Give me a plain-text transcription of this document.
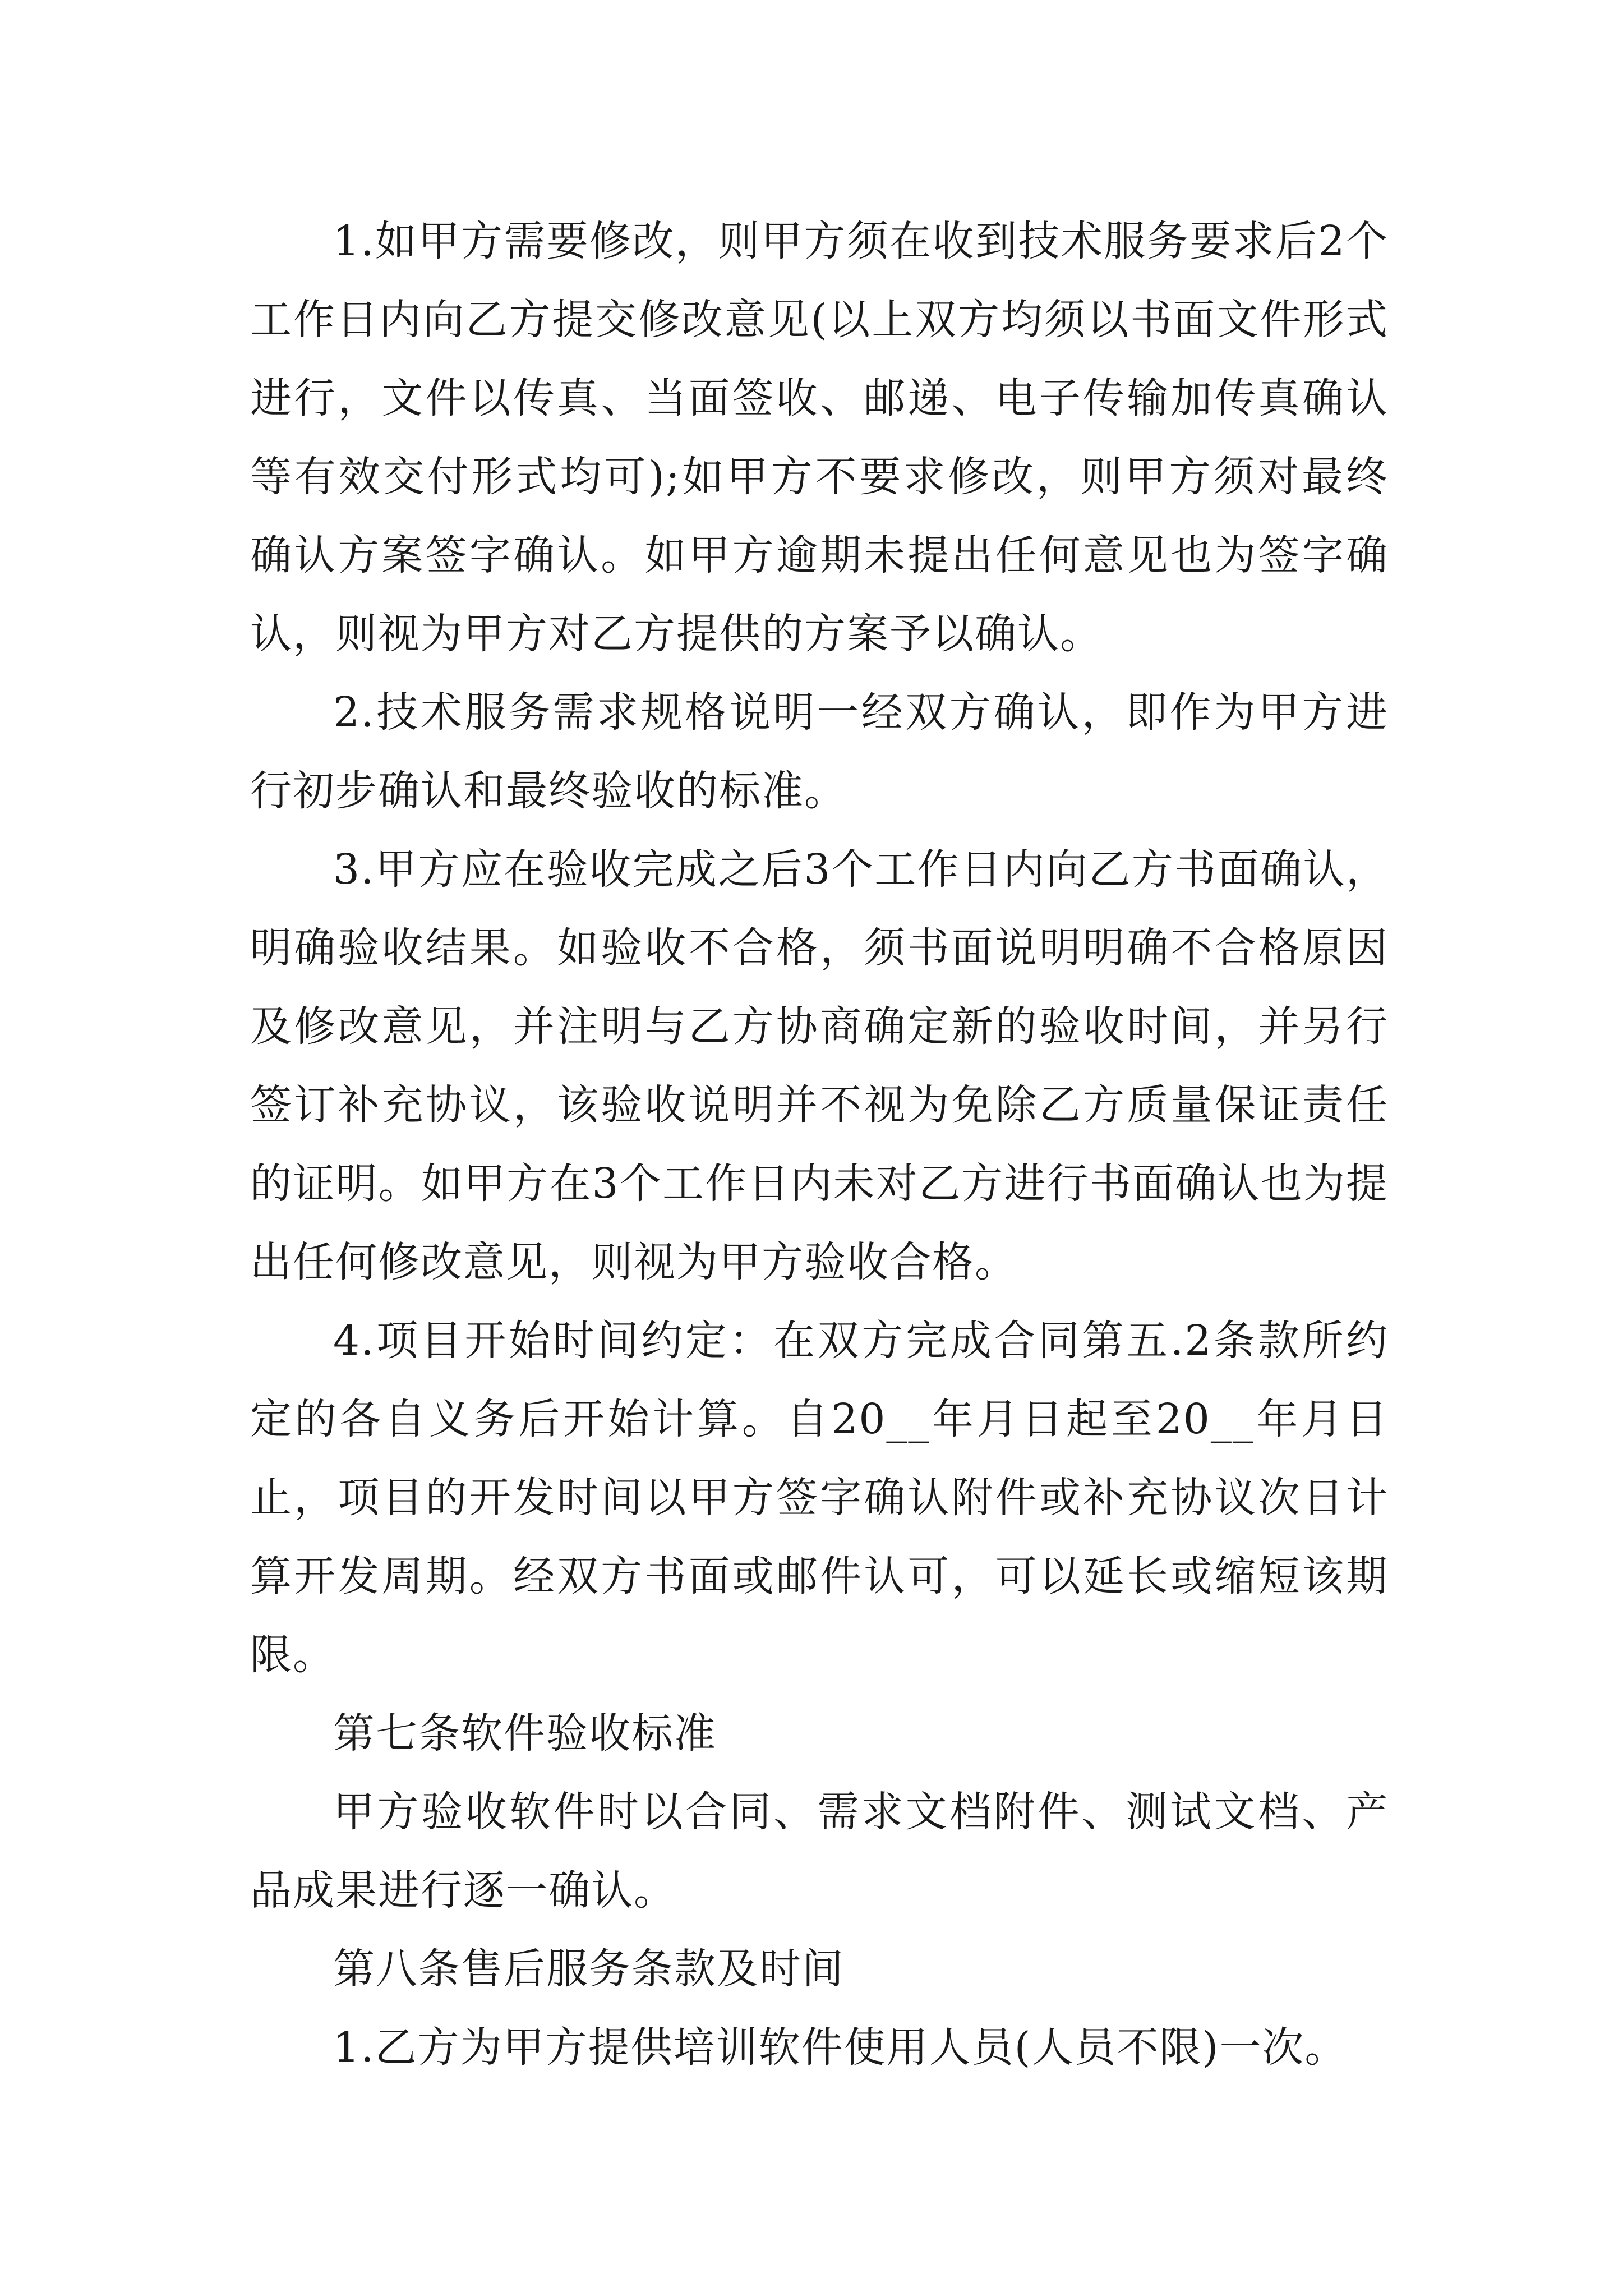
1.如甲方需要修改，则甲方须在收到技术服务要求后2个工作日内向乙方提交修改意见(以上双方均须以书面文件形式进行，文件以传真、当面签收、邮递、电子传输加传真确认等有效交付形式均可);如甲方不要求修改，则甲方须对最终确认方案签字确认。如甲方逾期未提出任何意见也为签字确认，则视为甲方对乙方提供的方案予以确认。

2.技术服务需求规格说明一经双方确认，即作为甲方进行初步确认和最终验收的标准。

3.甲方应在验收完成之后3个工作日内向乙方书面确认，明确验收结果。如验收不合格，须书面说明明确不合格原因及修改意见，并注明与乙方协商确定新的验收时间，并另行签订补充协议，该验收说明并不视为免除乙方质量保证责任的证明。如甲方在3个工作日内未对乙方进行书面确认也为提出任何修改意见，则视为甲方验收合格。

4.项目开始时间约定：在双方完成合同第五.2条款所约定的各自义务后开始计算。自20__年月日起至20__年月日止，项目的开发时间以甲方签字确认附件或补充协议次日计算开发周期。经双方书面或邮件认可，可以延长或缩短该期限。

第七条软件验收标准

甲方验收软件时以合同、需求文档附件、测试文档、产品成果进行逐一确认。

第八条售后服务条款及时间

1.乙方为甲方提供培训软件使用人员(人员不限)一次。
